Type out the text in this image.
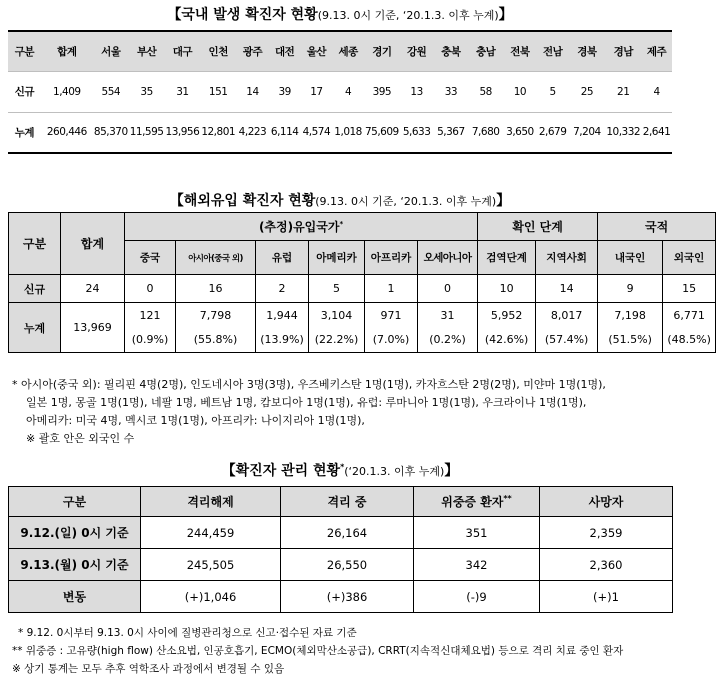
【국내 발생 확진자 현황(9.13. 0시 기준, ‘20.1.3. 이후 누계)】
구분	합계	서울	부산	대구	인천	광주	대전	울산	세종	경기	강원	충북	충남	전북	전남	경북	경남	제주
신규	1,409	554	35	31	151	14	39	17	4	395	13	33	58	10	5	25	21	4
누계	260,446	85,370	11,595	13,956	12,801	4,223	6,114	4,574	1,018	75,609	5,633	5,367	7,680	3,650	2,679	7,204	10,332	2,641
【해외유입 확진자 현황(9.13. 0시 기준, ‘20.1.3. 이후 누계)】
구분	합계	(추정)유입국가*						확인 단계		국적	
		중국	아시아(중국 외)	유럽	아메리카	아프리카	오세아니아	검역단계	지역사회	내국인	외국인
신규	24	0	16	2	5	1	0	10	14	9	15
누계	13,969	121	7,798	1,944	3,104	971	31	5,952	8,017	7,198	6,771
		(0.9%)	(55.8%)	(13.9%)	(22.2%)	(7.0%)	(0.2%)	(42.6%)	(57.4%)	(51.5%)	(48.5%)
* 아시아(중국 외): 필리핀 4명(2명), 인도네시아 3명(3명), 우즈베키스탄 1명(1명), 카자흐스탄 2명(2명), 미얀마 1명(1명),
일본 1명, 몽골 1명(1명), 네팔 1명, 베트남 1명, 캄보디아 1명(1명), 유럽: 루마니아 1명(1명), 우크라이나 1명(1명),
아메리카: 미국 4명, 멕시코 1명(1명), 아프리카: 나이지리아 1명(1명),
※ 괄호 안은 외국인 수
【확진자 관리 현황*(‘20.1.3. 이후 누계)】
구분	격리해제	격리 중	위중증 환자**	사망자
9.12.(일) 0시 기준	244,459	26,164	351	2,359
9.13.(월) 0시 기준	245,505	26,550	342	2,360
변동	(+)1,046	(+)386	(-)9	(+)1
* 9.12. 0시부터 9.13. 0시 사이에 질병관리청으로 신고·접수된 자료 기준
** 위중증 : 고유량(high flow) 산소요법, 인공호흡기, ECMO(체외막산소공급), CRRT(지속적신대체요법) 등으로 격리 치료 중인 환자
※ 상기 통계는 모두 추후 역학조사 과정에서 변경될 수 있음
